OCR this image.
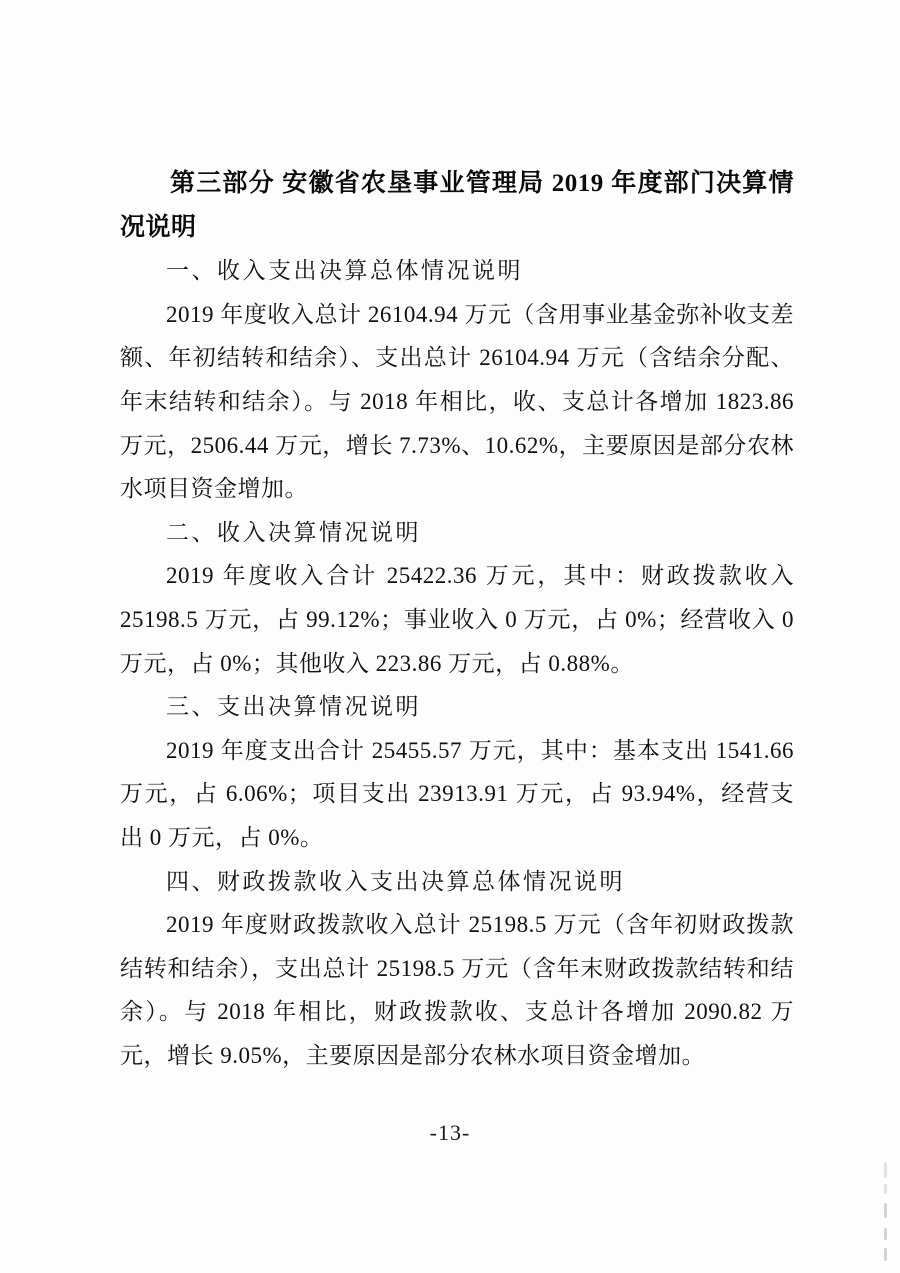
第三部分 安徽省农垦事业管理局 2019 年度部门决算情况说明
一、收入支出决算总体情况说明

2019 年度收入总计 26104.94 万元（含用事业基金弥补收支差额、年初结转和结余）、支出总计 26104.94 万元（含结余分配、年末结转和结余）。与 2018 年相比，收、支总计各增加 1823.86 万元，2506.44 万元，增长 7.73%、10.62%，主要原因是部分农林水项目资金增加。

二、收入决算情况说明

2019 年度收入合计 25422.36 万元，其中：财政拨款收入 25198.5 万元，占 99.12%；事业收入 0 万元，占 0%；经营收入 0 万元，占 0%；其他收入 223.86 万元，占 0.88%。

三、支出决算情况说明

2019 年度支出合计 25455.57 万元，其中：基本支出 1541.66 万元，占 6.06%；项目支出 23913.91 万元，占 93.94%，经营支出 0 万元，占 0%。

四、财政拨款收入支出决算总体情况说明

2019 年度财政拨款收入总计 25198.5 万元（含年初财政拨款结转和结余），支出总计 25198.5 万元（含年末财政拨款结转和结余）。与 2018 年相比，财政拨款收、支总计各增加 2090.82 万元，增长 9.05%，主要原因是部分农林水项目资金增加。

-13-
